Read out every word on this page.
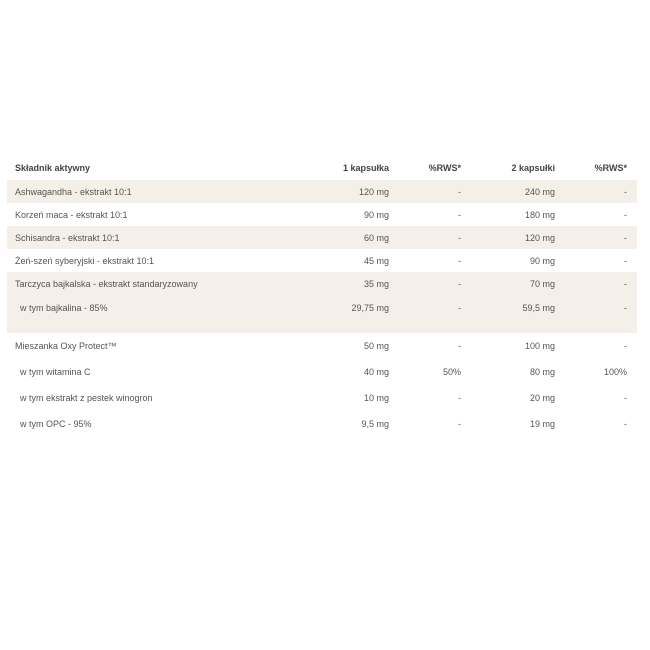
Składnik aktywny	1 kapsułka	%RWS*	2 kapsułki	%RWS*
Ashwagandha - ekstrakt 10:1	120 mg	-	240 mg	-
Korzeń maca - ekstrakt 10:1	90 mg	-	180 mg	-
Schisandra - ekstrakt 10:1	60 mg	-	120 mg	-
Żeń-szeń syberyjski - ekstrakt 10:1	45 mg	-	90 mg	-
Tarczyca bajkalska - ekstrakt standaryzowany	35 mg	-	70 mg	-
w tym bajkalina - 85%	29,75 mg	-	59,5 mg	-
Mieszanka Oxy Protect™	50 mg	-	100 mg	-
w tym witamina C	40 mg	50%	80 mg	100%
w tym ekstrakt z pestek winogron	10 mg	-	20 mg	-
w tym OPC - 95%	9,5 mg	-	19 mg	-
